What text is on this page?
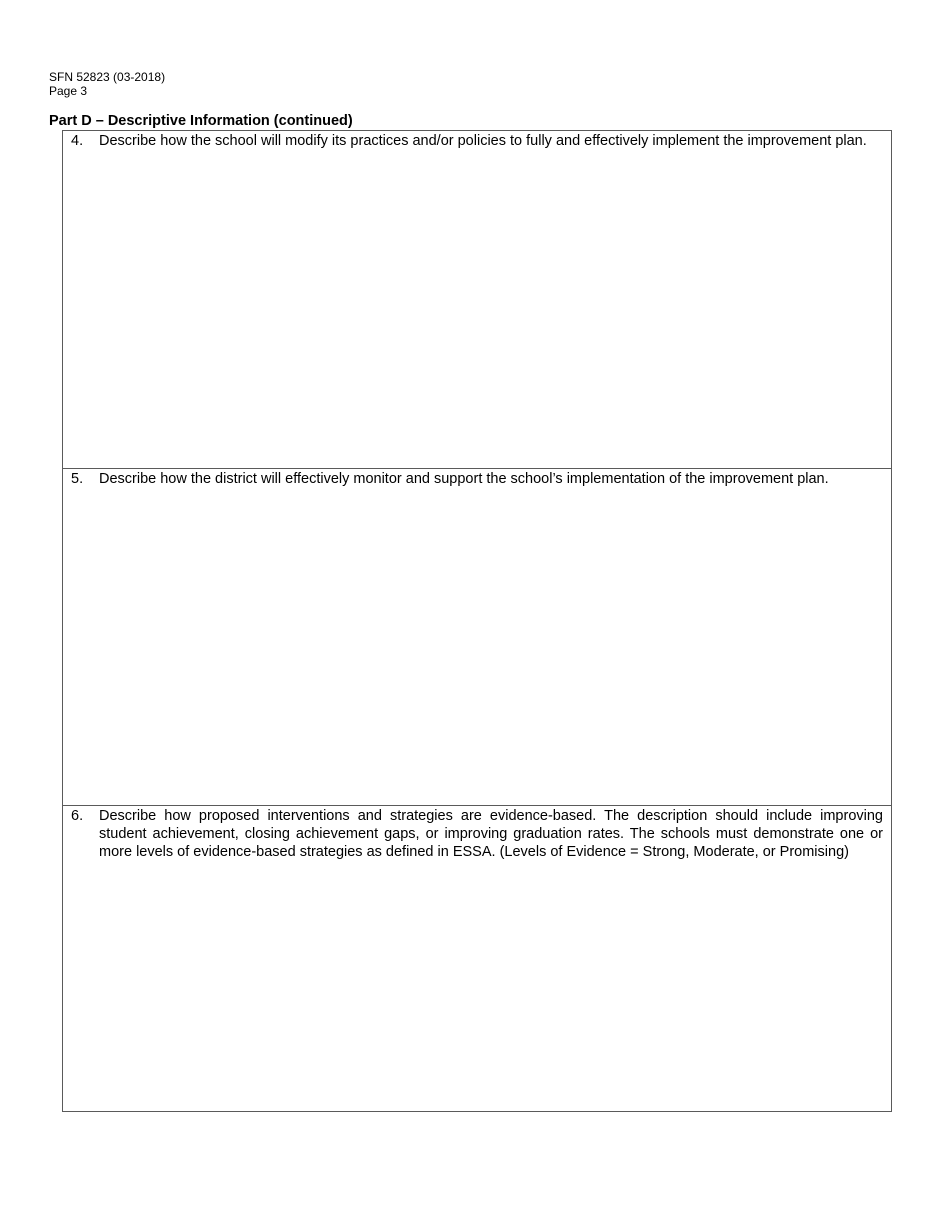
SFN 52823 (03-2018)
Page 3
Part D – Descriptive Information (continued)
4.	Describe how the school will modify its practices and/or policies to fully and effectively implement the improvement plan.
5.	Describe how the district will effectively monitor and support the school’s implementation of the improvement plan.
6.	Describe how proposed interventions and strategies are evidence-based. The description should include improving student achievement, closing achievement gaps, or improving graduation rates. The schools must demonstrate one or more levels of evidence-based strategies as defined in ESSA. (Levels of Evidence = Strong, Moderate, or Promising)
